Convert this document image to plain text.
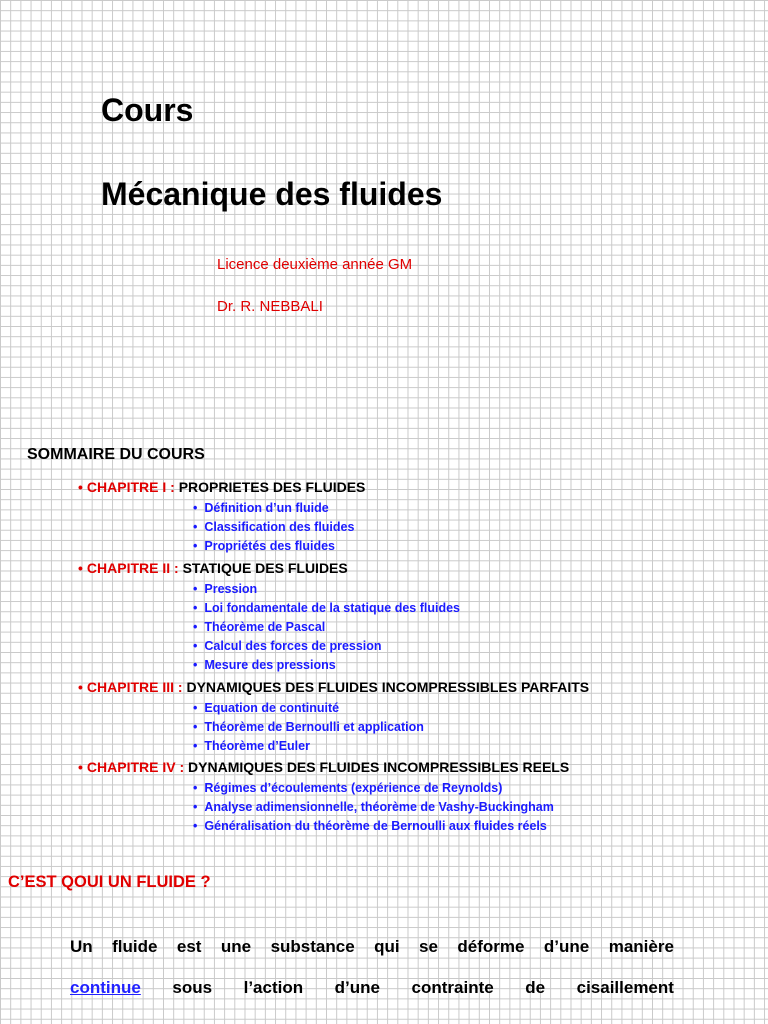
Cours
Mécanique des fluides
Licence deuxième année GM
Dr. R. NEBBALI
SOMMAIRE DU COURS
• CHAPITRE I : PROPRIETES DES FLUIDES
• Définition d’un fluide
• Classification des fluides
• Propriétés des fluides
• CHAPITRE II : STATIQUE DES FLUIDES
• Pression
• Loi fondamentale de la statique des fluides
• Théorème de Pascal
• Calcul des forces de pression
• Mesure des pressions
• CHAPITRE III : DYNAMIQUES DES FLUIDES INCOMPRESSIBLES PARFAITS
• Equation de continuité
• Théorème de Bernoulli et application
• Théorème d’Euler
• CHAPITRE IV : DYNAMIQUES DES FLUIDES INCOMPRESSIBLES REELS
• Régimes d’écoulements (expérience de Reynolds)
• Analyse adimensionnelle, théorème de Vashy-Buckingham
• Généralisation du théorème de Bernoulli aux fluides réels
C’EST QOUI UN FLUIDE ?
Un fluide est une substance qui se déforme d’une manière
continue sous l’action d’une contrainte de cisaillement
